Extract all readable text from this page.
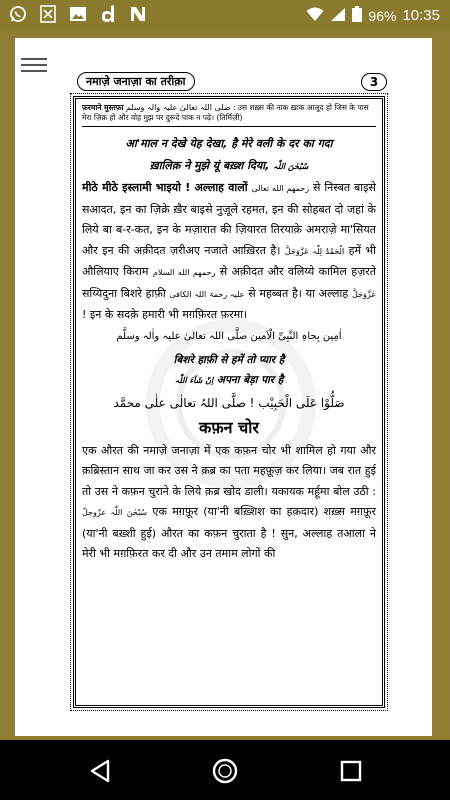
96% 10:35
नमाज़े जनाज़ा का तरीक़ा	3
फ़रमाने मुस्तफ़ा صلی اللہ تعالیٰ علیہ والہ وسلم : उस शख़्स की नाक ख़ाक आलूद हो जिस के पास मेरा ज़िक्र हो और वोह मुझ पर दुरूदे पाक न पढ़े। (तिर्मिज़ी)
आ'माल न देखे येह देखा, है मेरे वली के दर का गदा
ख़ालिक़ ने मुझे यूं बख़्श दिया, سُبْحٰنَ اللّٰہ

मीठे मीठे इस्लामी भाइयो ! अल्लाह वालों رحمهم الله تعالى से निस्बत बाइसे सआदत, इन का ज़िक्रे ख़ैर बाइसे नुज़ूले रहमत, इन की सोहबत दो जहां के लिये बा ब-र-कत, इन के मज़ारात की ज़ियारत तिरयाक़े अमराज़े मा'सियत और इन की अक़ीदत ज़रीअए नजाते आख़िरत है। الْحَمْدُ لِلّٰہ عَزَّوَجَلَّ हमें भी औलियाए किराम رحمهم الله السلام से अक़ीदत और वलिय्ये कामिल हज़रते सय्यिदुना बिशरे हाफ़ी علیہ رحمۃ اللہ الکافی से महब्बत है। या अल्लाह عَزَّوَجَلَّ ! इन के सदक़े हमारी भी मग़फ़िरत फ़रमा।

اٰمِین بِجاہِ النَّبِیِّ الْاَمین صلَّی اللہ تعالیٰ علیہ واٰلہ وسلَّم
बिशरे हाफ़ी से हमें तो प्यार है
اِنْ شَآءَ اللّٰہ अपना बेड़ा पार है
صَلُّوْا عَلَی الْحَبِیْب ! صلَّی اللہُ تعالٰی علٰی محمَّد
कफ़न चोर

एक औरत की नमाज़े जनाज़ा में एक कफ़न चोर भी शामिल हो गया और क़ब्रिस्तान साथ जा कर उस ने क़ब्र का पता महफ़ूज़ कर लिया। जब रात हुई तो उस ने कफ़न चुराने के लिये क़ब्र खोद डाली। यकायक मर्हूमा बोल उठी : سُبْحٰنَ اللّٰہ عزّوجلّ एक मग़फ़ूर (या'नी बख़्शिश का हक़दार) शख़्स मग़फ़ूर (या'नी बख़्शी हुई) औरत का कफ़न चुराता है ! सुन, अल्लाह तआला ने मेरी भी मग़फ़िरत कर दी और उन तमाम लोगों की
